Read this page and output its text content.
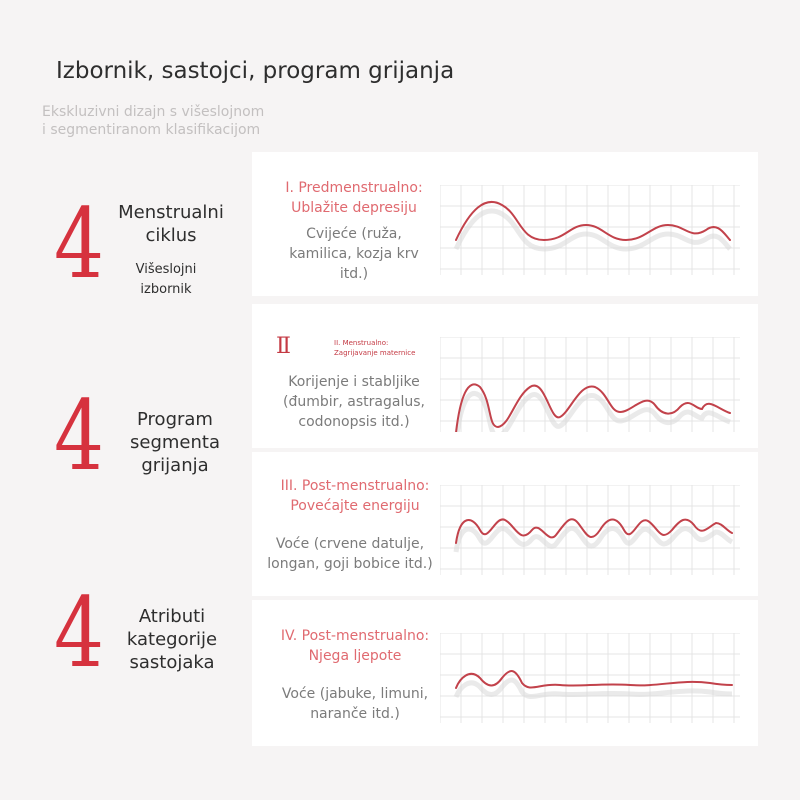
Izbornik, sastojci, program grijanja
Ekskluzivni dizajn s višeslojnom
i segmentiranom klasifikacijom
4 Menstrualni
ciklus
Višeslojni
izbornik
4	Program
segmenta
grijanja
4	Atributi
kategorije
sastojaka
I. Predmenstrualno:
Ublažite depresiju
Cvijeće (ruža,
kamilica, kozja krv
itd.)
Ⅱ	II. Menstrualno:
Zagrijavanje maternice
Korijenje i stabljike
(đumbir, astragalus,
codonopsis itd.)
III. Post-menstrualno:
Povećajte energiju
Voće (crvene datulje,
longan, goji bobice itd.)
IV. Post-menstrualno:
Njega ljepote
Voće (jabuke, limuni,
naranče itd.)
